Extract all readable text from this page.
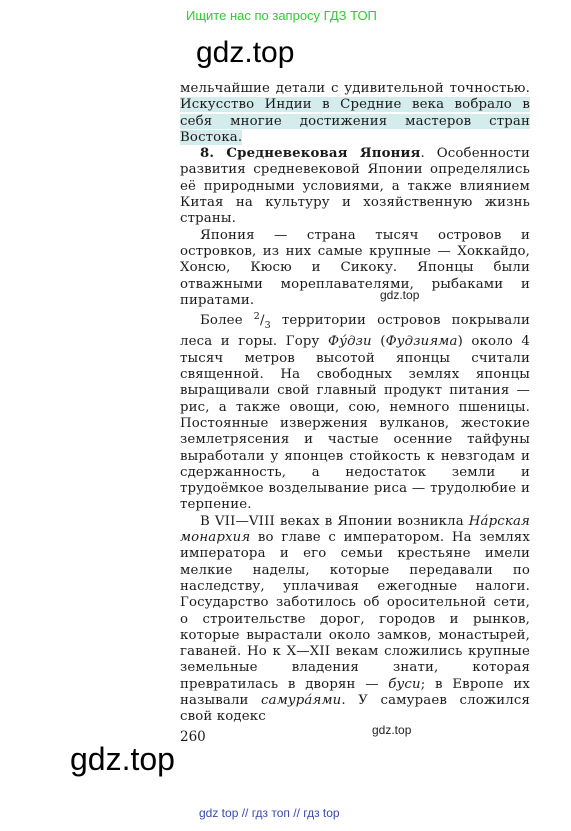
Ищите нас по запросу ГДЗ ТОП
gdz.top

мельчайшие детали с удивительной точностью. Искусство Индии в Средние века вобрало в себя многие достижения мастеров стран Востока.

8. Средневековая Япония. Особенности развития средневековой Японии определялись её природными условиями, а также влиянием Китая на культуру и хозяйственную жизнь страны.

Япония — страна тысяч островов и островков, из них самые крупные — Хоккайдо, Хонсю, Кюсю и Сикоку. Японцы были отважными мореплавателями, рыбаками и пиратами.

Более $^2/_3$ территории островов покрывали леса и горы. Гору Фу́дзи (Фудзияма) около 4 тысяч метров высотой японцы считали священной. На свободных землях японцы выращивали свой главный продукт питания — рис, а также овощи, сою, немного пшеницы. Постоянные извержения вулканов, жестокие землетрясения и частые осенние тайфуны выработали у японцев стойкость к невзгодам и сдержанность, а недостаток земли и трудоёмкое возделывание риса — трудолюбие и терпение.

В VII—VIII веках в Японии возникла На́рская монархия во главе с императором. На землях императора и его семьи крестьяне имели мелкие наделы, которые передавали по наследству, уплачивая ежегодные налоги. Государство заботилось об оросительной сети, о строительстве дорог, городов и рынков, которые вырастали около замков, монастырей, гаваней. Но к X—XII векам сложились крупные земельные владения знати, которая превратилась в дворян — буси; в Европе их называли самура́ями. У самураев сложился свой кодекс

gdz.top
gdz.top
260
gdz.top
gdz top // гдз топ // гдз top
